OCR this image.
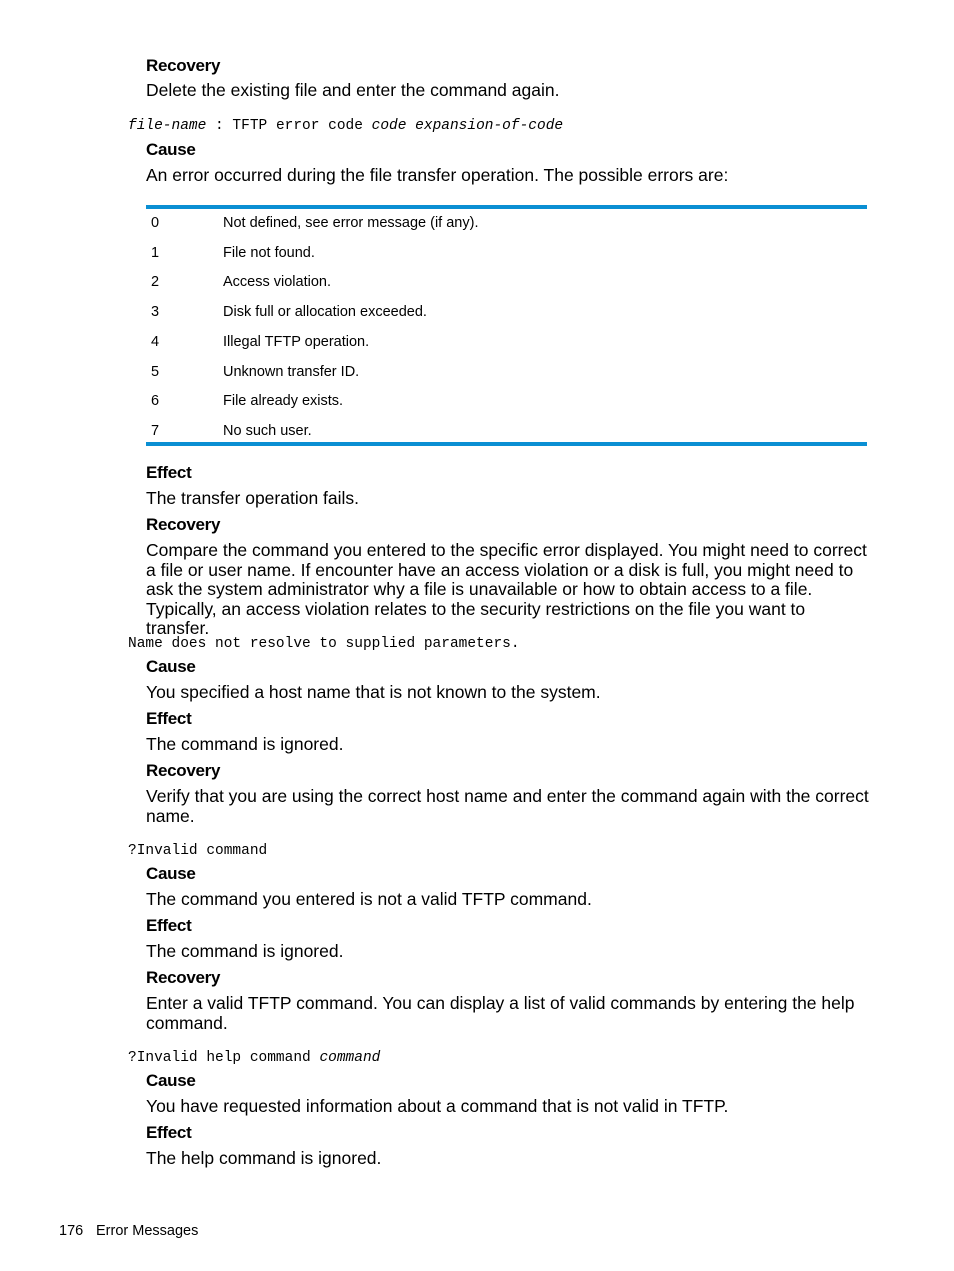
Recovery
Delete the existing file and enter the command again.
file-name : TFTP error code code expansion-of-code
Cause
An error occurred during the file transfer operation. The possible errors are:
0	Not defined, see error message (if any).
1	File not found.
2	Access violation.
3	Disk full or allocation exceeded.
4	Illegal TFTP operation.
5	Unknown transfer ID.
6	File already exists.
7	No such user.
Effect
The transfer operation fails.
Recovery
Compare the command you entered to the specific error displayed. You might need to correct a file or user name. If encounter have an access violation or a disk is full, you might need to ask the system administrator why a file is unavailable or how to obtain access to a file. Typically, an access violation relates to the security restrictions on the file you want to transfer.
Name does not resolve to supplied parameters.
Cause
You specified a host name that is not known to the system.
Effect
The command is ignored.
Recovery
Verify that you are using the correct host name and enter the command again with the correct name.
?Invalid command
Cause
The command you entered is not a valid TFTP command.
Effect
The command is ignored.
Recovery
Enter a valid TFTP command. You can display a list of valid commands by entering the help command.
?Invalid help command command
Cause
You have requested information about a command that is not valid in TFTP.
Effect
The help command is ignored.
176 Error Messages
